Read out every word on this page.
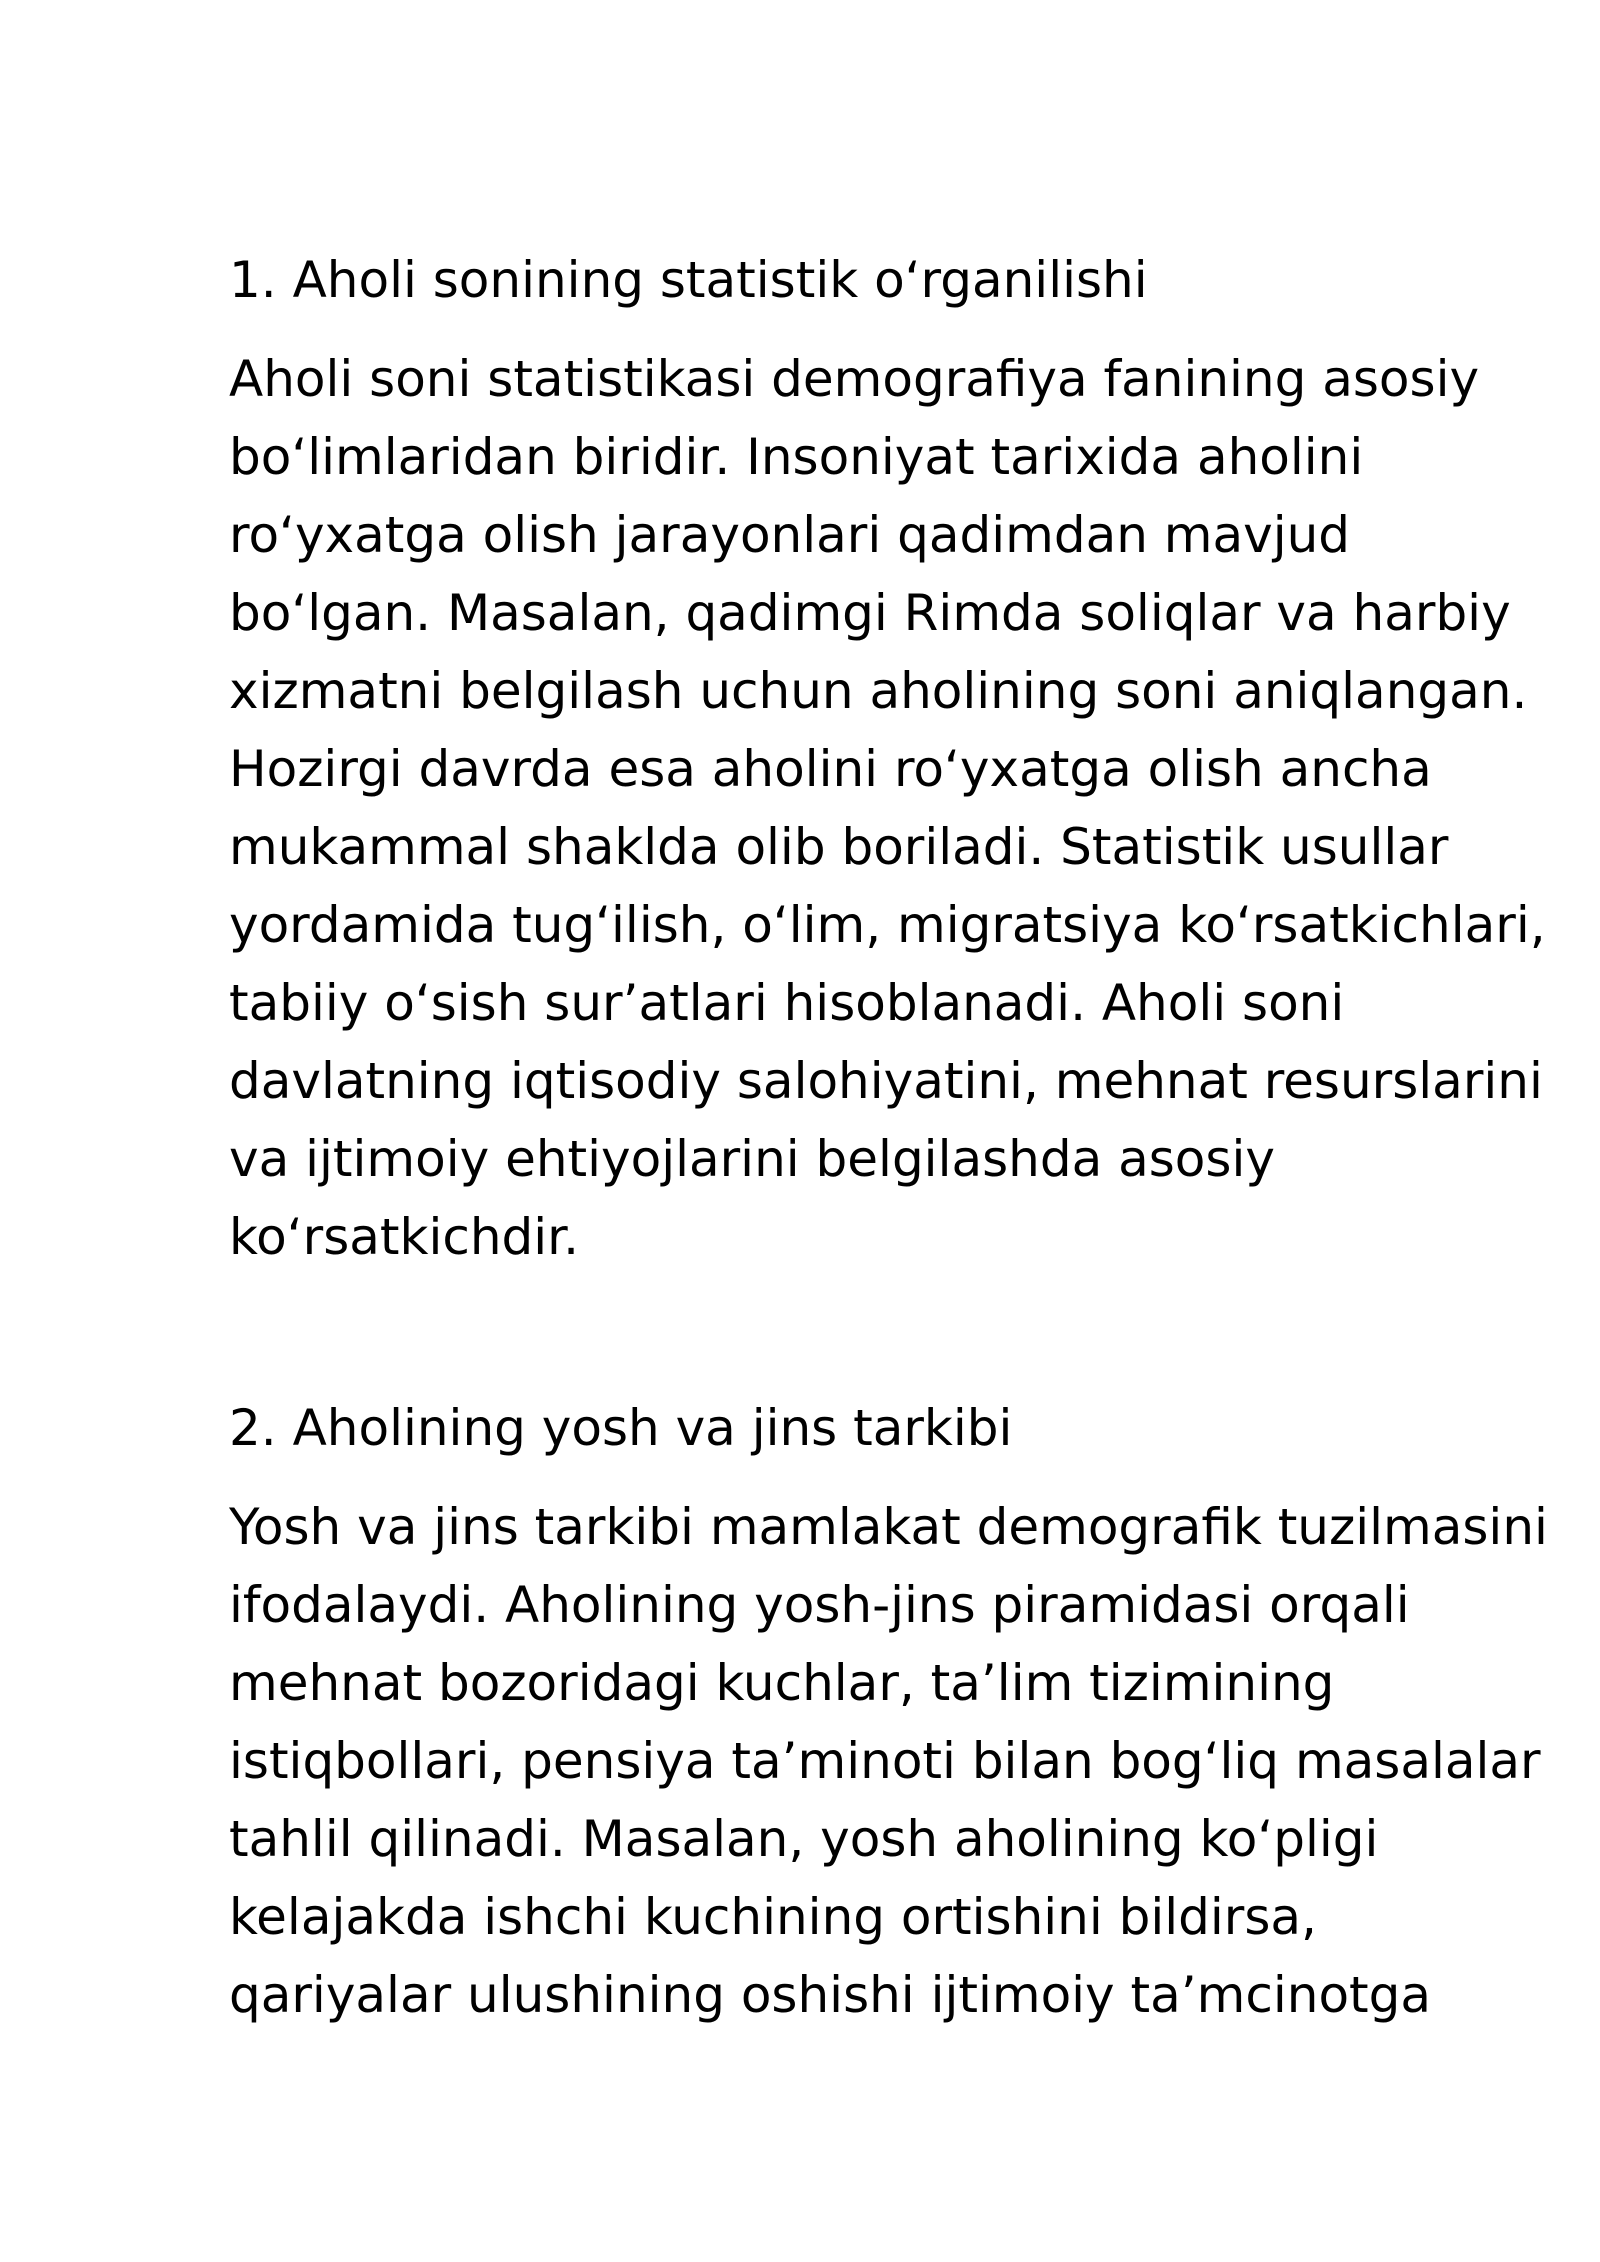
1. Aholi sonining statistik o‘rganilishi

Aholi soni statistikasi demografiya fanining asosiy
bo‘limlaridan biridir. Insoniyat tarixida aholini
ro‘yxatga olish jarayonlari qadimdan mavjud
bo‘lgan. Masalan, qadimgi Rimda soliqlar va harbiy
xizmatni belgilash uchun aholining soni aniqlangan.
Hozirgi davrda esa aholini ro‘yxatga olish ancha
mukammal shaklda olib boriladi. Statistik usullar
yordamida tug‘ilish, o‘lim, migratsiya ko‘rsatkichlari,
tabiiy o‘sish sur’atlari hisoblanadi. Aholi soni
davlatning iqtisodiy salohiyatini, mehnat resurslarini
va ijtimoiy ehtiyojlarini belgilashda asosiy
ko‘rsatkichdir.

2. Aholining yosh va jins tarkibi

Yosh va jins tarkibi mamlakat demografik tuzilmasini
ifodalaydi. Aholining yosh-jins piramidasi orqali
mehnat bozoridagi kuchlar, ta’lim tizimining
istiqbollari, pensiya ta’minoti bilan bog‘liq masalalar
tahlil qilinadi. Masalan, yosh aholining ko‘pligi
kelajakda ishchi kuchining ortishini bildirsa,
qariyalar ulushining oshishi ijtimoiy ta’mcinotga
